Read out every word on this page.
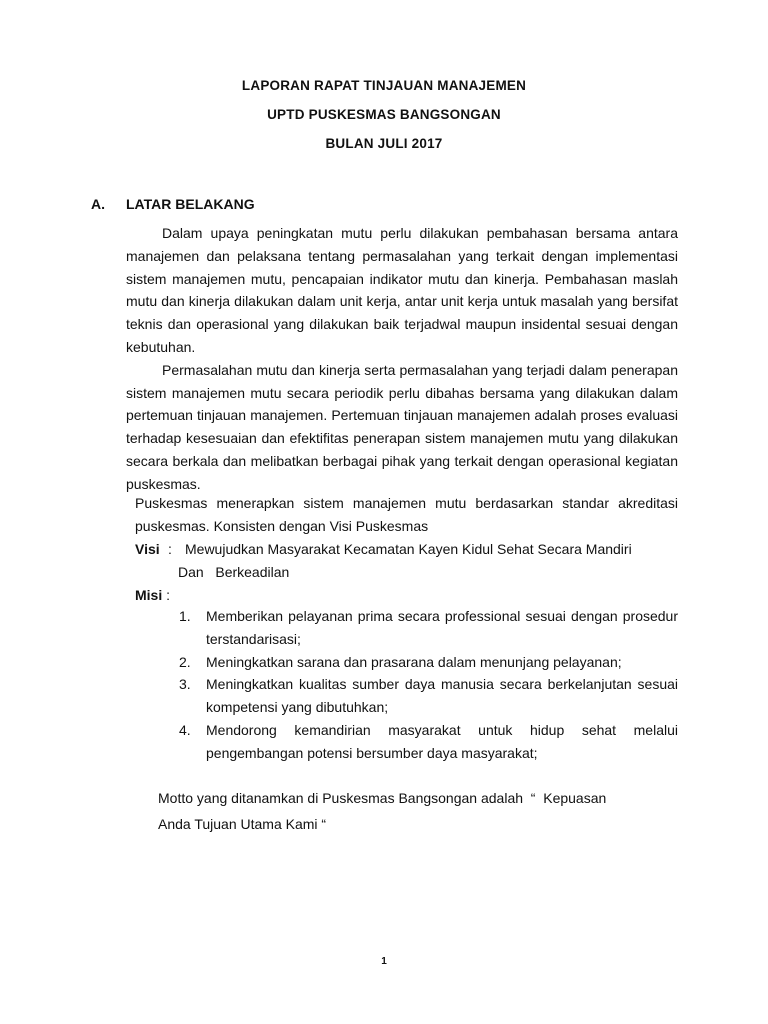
LAPORAN RAPAT TINJAUAN MANAJEMEN
UPTD PUSKESMAS BANGSONGAN
BULAN JULI 2017
A. LATAR BELAKANG

Dalam upaya peningkatan mutu perlu dilakukan pembahasan bersama antara manajemen dan pelaksana tentang permasalahan yang terkait dengan implementasi sistem manajemen mutu, pencapaian indikator mutu dan kinerja. Pembahasan maslah mutu dan kinerja dilakukan dalam unit kerja, antar unit kerja untuk masalah yang bersifat teknis dan operasional yang dilakukan baik terjadwal maupun insidental sesuai dengan kebutuhan.

Permasalahan mutu dan kinerja serta permasalahan yang terjadi dalam penerapan sistem manajemen mutu secara periodik perlu dibahas bersama yang dilakukan dalam pertemuan tinjauan manajemen. Pertemuan tinjauan manajemen adalah proses evaluasi terhadap kesesuaian dan efektifitas penerapan sistem manajemen mutu yang dilakukan secara berkala dan melibatkan berbagai pihak yang terkait dengan operasional kegiatan puskesmas.

Puskesmas menerapkan sistem manajemen mutu berdasarkan standar akreditasi puskesmas. Konsisten dengan Visi Puskesmas
Visi : Mewujudkan Masyarakat Kecamatan Kayen Kidul Sehat Secara Mandiri
Dan   Berkeadilan
Misi :
1. Memberikan pelayanan prima secara professional sesuai dengan prosedur terstandarisasi;
2. Meningkatkan sarana dan prasarana dalam menunjang pelayanan;
3. Meningkatkan kualitas sumber daya manusia secara berkelanjutan sesuai kompetensi yang dibutuhkan;
4. Mendorong kemandirian masyarakat untuk hidup sehat melalui pengembangan potensi bersumber daya masyarakat;
Motto yang ditanamkan di Puskesmas Bangsongan adalah  “  Kepuasan
Anda Tujuan Utama Kami “
1
